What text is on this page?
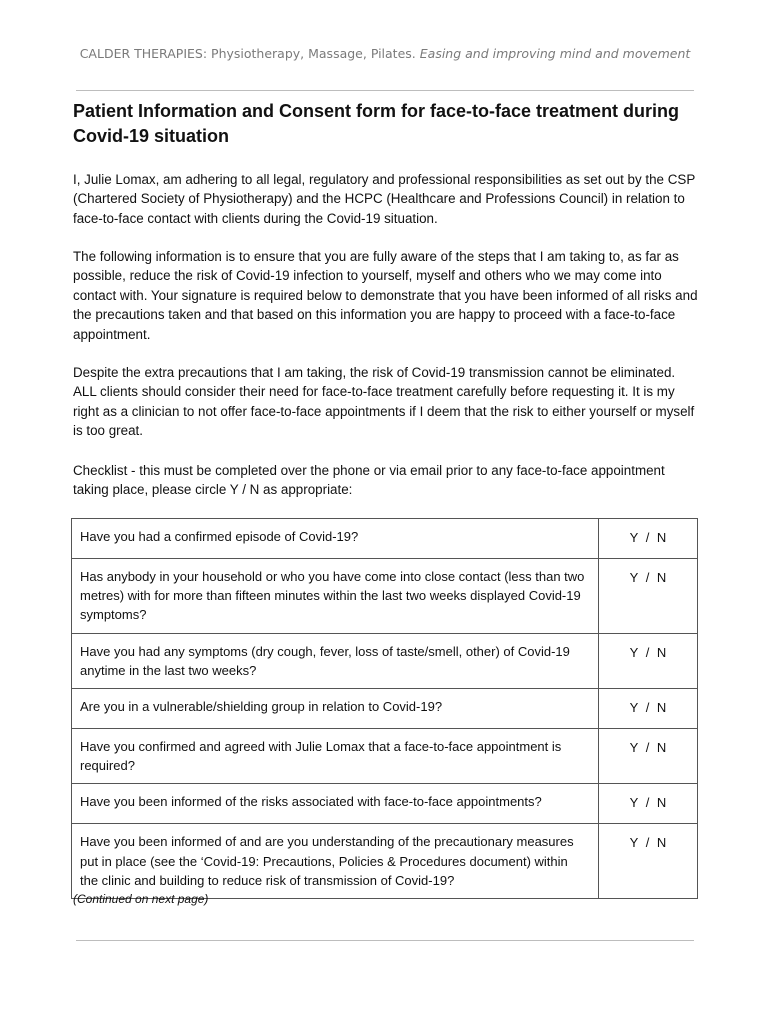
CALDER THERAPIES: Physiotherapy, Massage, Pilates. Easing and improving mind and movement
Patient Information and Consent form for face-to-face treatment during Covid-19 situation

I, Julie Lomax, am adhering to all legal, regulatory and professional responsibilities as set out by the CSP (Chartered Society of Physiotherapy) and the HCPC (Healthcare and Professions Council) in relation to face-to-face contact with clients during the Covid-19 situation.

The following information is to ensure that you are fully aware of the steps that I am taking to, as far as possible, reduce the risk of Covid-19 infection to yourself, myself and others who we may come into contact with. Your signature is required below to demonstrate that you have been informed of all risks and the precautions taken and that based on this information you are happy to proceed with a face-to-face appointment.

Despite the extra precautions that I am taking, the risk of Covid-19 transmission cannot be eliminated. ALL clients should consider their need for face-to-face treatment carefully before requesting it. It is my right as a clinician to not offer face-to-face appointments if I deem that the risk to either yourself or myself is too great.

Checklist - this must be completed over the phone or via email prior to any face-to-face appointment taking place, please circle Y / N as appropriate:

Have you had a confirmed episode of Covid-19?	Y / N
Has anybody in your household or who you have come into close contact (less than two metres) with for more than fifteen minutes within the last two weeks displayed Covid-19 symptoms?	Y / N
Have you had any symptoms (dry cough, fever, loss of taste/smell, other) of Covid-19 anytime in the last two weeks?	Y / N
Are you in a vulnerable/shielding group in relation to Covid-19?	Y / N
Have you confirmed and agreed with Julie Lomax that a face-to-face appointment is required?	Y / N
Have you been informed of the risks associated with face-to-face appointments?	Y / N
Have you been informed of and are you understanding of the precautionary measures put in place (see the ‘Covid-19: Precautions, Policies & Procedures document) within the clinic and building to reduce risk of transmission of Covid-19?	Y / N

(Continued on next page)
